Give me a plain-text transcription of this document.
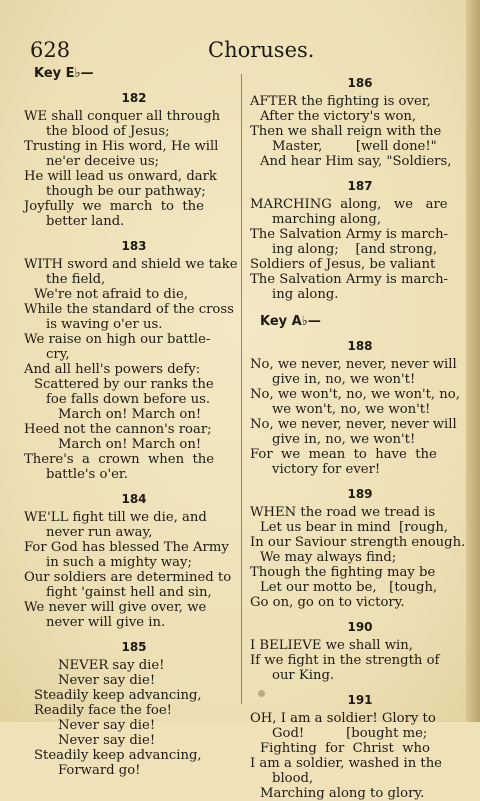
628	Choruses.
Key E♭—
182
WE shall conquer all through
the blood of Jesus;
Trusting in His word, He will
ne'er deceive us;
He will lead us onward, dark
though be our pathway;
Joyfully  we  march  to  the
better land.
183
WITH sword and shield we take
the field,
We're not afraid to die,
While the standard of the cross
is waving o'er us.
We raise on high our battle-
cry,
And all hell's powers defy:
Scattered by our ranks the
foe falls down before us.
March on! March on!
Heed not the cannon's roar;
March on! March on!
There's  a  crown  when  the
battle's o'er.
184
WE'LL fight till we die, and
never run away,
For God has blessed The Army
in such a mighty way;
Our soldiers are determined to
fight 'gainst hell and sin,
We never will give over, we
never will give in.
185
NEVER say die!
Never say die!
Steadily keep advancing,
Readily face the foe!
Never say die!
Never say die!
Steadily keep advancing,
Forward go!
186
AFTER the fighting is over,
After the victory's won,
Then we shall reign with the
Master,        [well done!"
And hear Him say, "Soldiers,
187
MARCHING  along,   we   are
marching along,
The Salvation Army is march-
ing along;    [and strong,
Soldiers of Jesus, be valiant
The Salvation Army is march-
ing along.
Key A♭—
188
No, we never, never, never will
give in, no, we won't!
No, we won't, no, we won't, no,
we won't, no, we won't!
No, we never, never, never will
give in, no, we won't!
For  we  mean  to  have  the
victory for ever!
189
WHEN the road we tread is
Let us bear in mind  [rough,
In our Saviour strength enough.
We may always find;
Though the fighting may be
Let our motto be,   [tough,
Go on, go on to victory.
190
I BELIEVE we shall win,
If we fight in the strength of
our King.
191
OH, I am a soldier! Glory to
God!          [bought me;
Fighting  for  Christ  who
I am a soldier, washed in the
blood,
Marching along to glory.
